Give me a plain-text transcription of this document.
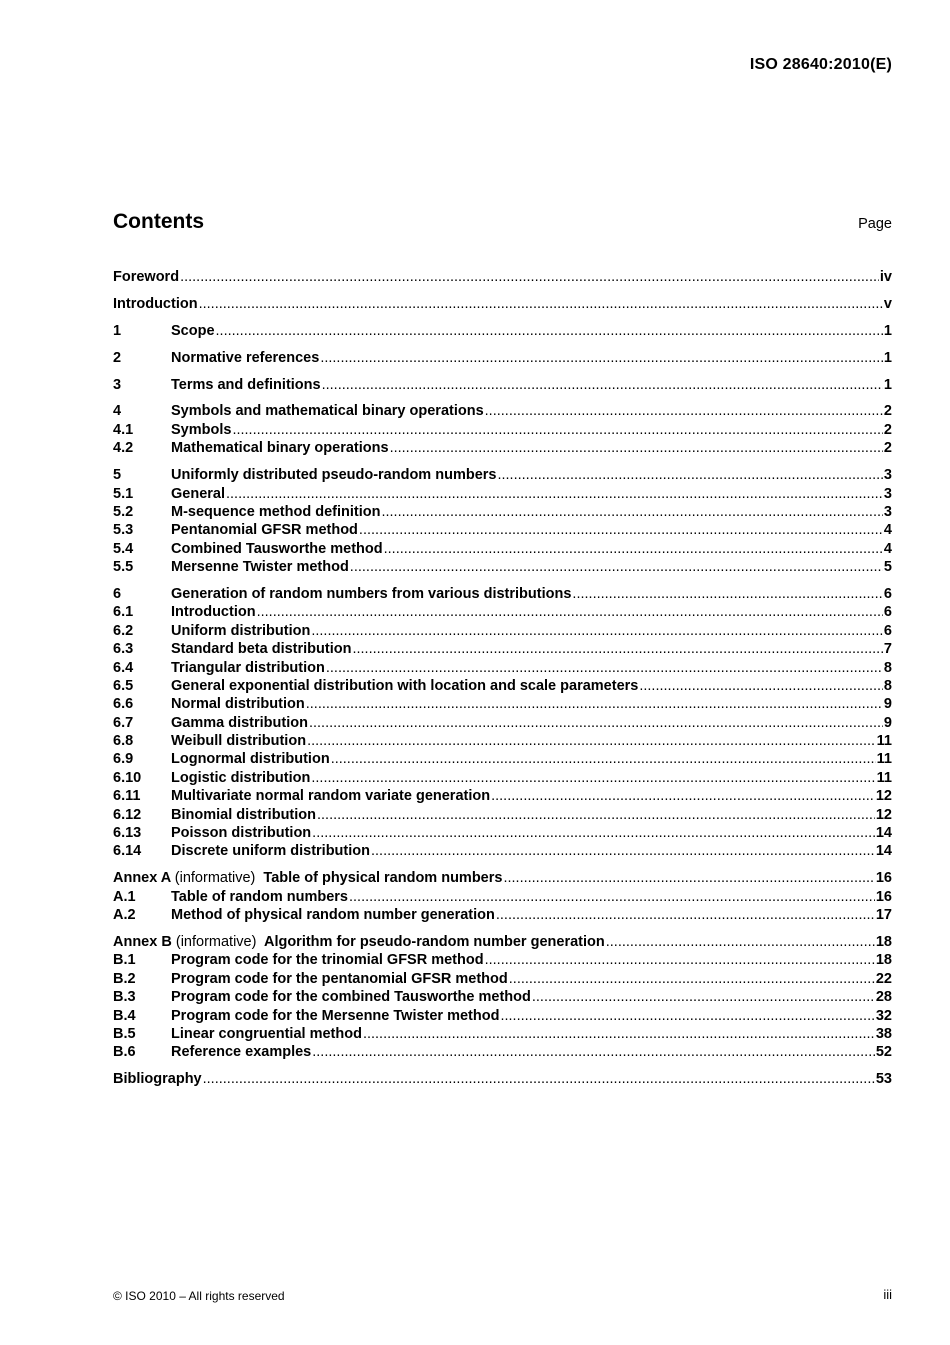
ISO 28640:2010(E)
Contents	Page
Foreword .....	iv
Introduction .....	v
1	Scope .....	1
2	Normative references .....	1
3	Terms and definitions .....	1
4	Symbols and mathematical binary operations .....	2
4.1	Symbols .....	2
4.2	Mathematical binary operations .....	2
5	Uniformly distributed pseudo-random numbers .....	3
5.1	General .....	3
5.2	M-sequence method definition .....	3
5.3	Pentanomial GFSR method .....	4
5.4	Combined Tausworthe method .....	4
5.5	Mersenne Twister method .....	5
6	Generation of random numbers from various distributions .....	6
6.1	Introduction .....	6
6.2	Uniform distribution .....	6
6.3	Standard beta distribution .....	7
6.4	Triangular distribution .....	8
6.5	General exponential distribution with location and scale parameters .....	8
6.6	Normal distribution .....	9
6.7	Gamma distribution .....	9
6.8	Weibull distribution .....	11
6.9	Lognormal distribution .....	11
6.10	Logistic distribution .....	11
6.11	Multivariate normal random variate generation .....	12
6.12	Binomial distribution .....	12
6.13	Poisson distribution .....	14
6.14	Discrete uniform distribution .....	14
Annex A (informative) Table of physical random numbers .....	16
A.1	Table of random numbers .....	16
A.2	Method of physical random number generation .....	17
Annex B (informative) Algorithm for pseudo-random number generation .....	18
B.1	Program code for the trinomial GFSR method .....	18
B.2	Program code for the pentanomial GFSR method .....	22
B.3	Program code for the combined Tausworthe method .....	28
B.4	Program code for the Mersenne Twister method .....	32
B.5	Linear congruential method .....	38
B.6	Reference examples .....	52
Bibliography .....	53
© ISO 2010 – All rights reserved	iii
